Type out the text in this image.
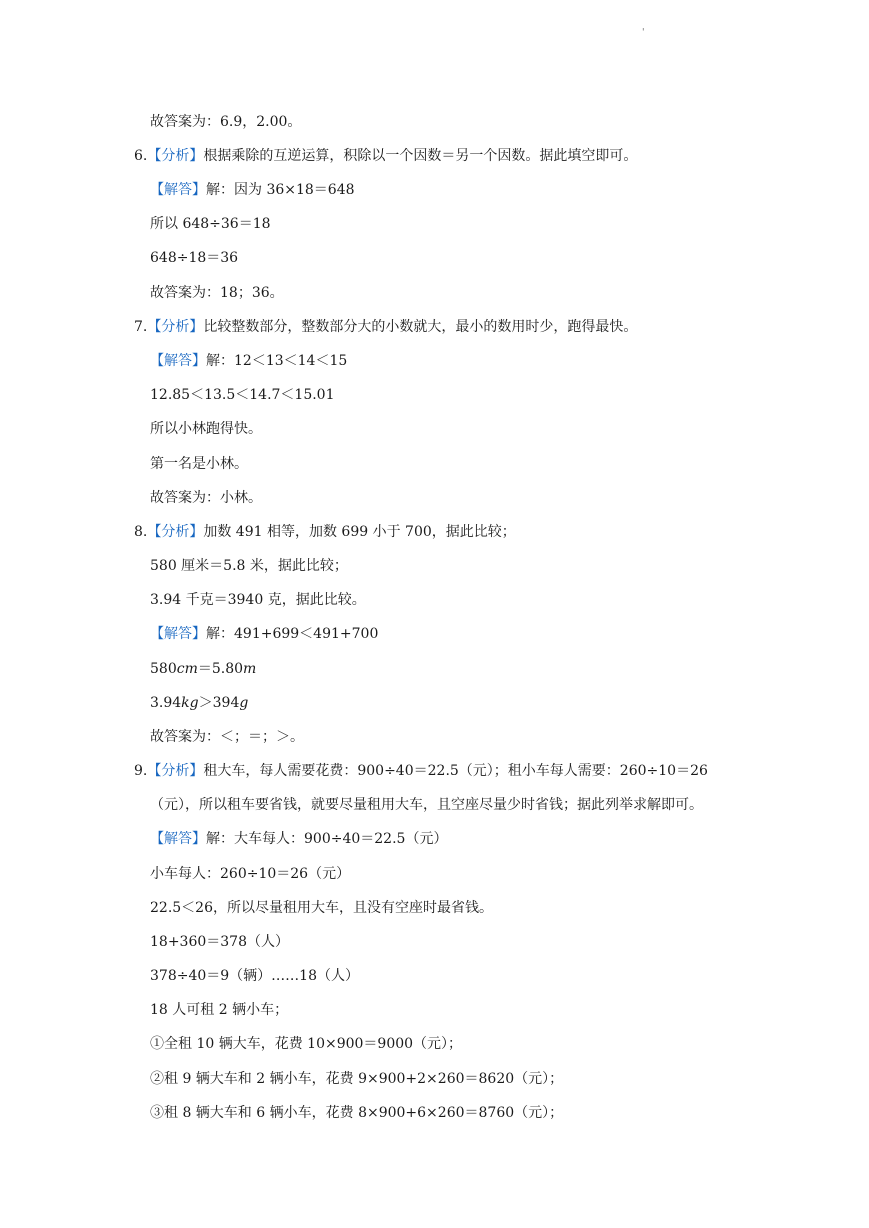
'
故答案为：6.9，2.00。
6.【分析】根据乘除的互逆运算，积除以一个因数＝另一个因数。据此填空即可。
【解答】解：因为 36×18＝648
所以 648÷36＝18
648÷18＝36
故答案为：18；36。
7.【分析】比较整数部分，整数部分大的小数就大，最小的数用时少，跑得最快。
【解答】解：12＜13＜14＜15
12.85＜13.5＜14.7＜15.01
所以小林跑得快。
第一名是小林。
故答案为：小林。
8.【分析】加数 491 相等，加数 699 小于 700，据此比较；
580 厘米＝5.8 米，据此比较；
3.94 千克＝3940 克，据此比较。
【解答】解：491+699＜491+700
580cm＝5.80m
3.94kg＞394g
故答案为：＜；＝；＞。
9.【分析】租大车，每人需要花费：900÷40＝22.5（元）；租小车每人需要：260÷10＝26
（元），所以租车要省钱，就要尽量租用大车，且空座尽量少时省钱；据此列举求解即可。
【解答】解：大车每人：900÷40＝22.5（元）
小车每人：260÷10＝26（元）
22.5＜26，所以尽量租用大车，且没有空座时最省钱。
18+360＝378（人）
378÷40＝9（辆）……18（人）
18 人可租 2 辆小车；
①全租 10 辆大车，花费 10×900＝9000（元）；
②租 9 辆大车和 2 辆小车，花费 9×900+2×260＝8620（元）；
③租 8 辆大车和 6 辆小车，花费 8×900+6×260＝8760（元）；
